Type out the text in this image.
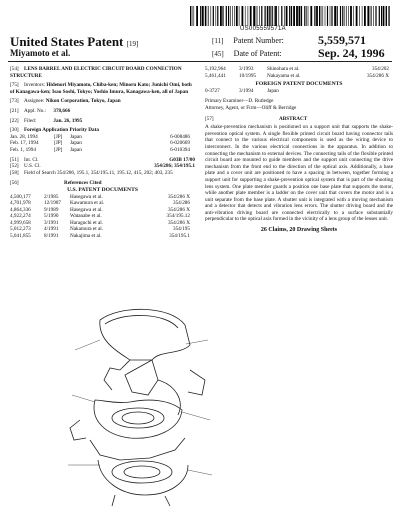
US005559571A
United States Patent [19]
Miyamoto et al.
[11] Patent Number:	5,559,571
[45] Date of Patent:	Sep. 24, 1996
[54] LENS BARREL AND ELECTRIC CIRCUIT BOARD CONNECTION STRUCTURE
[75] Inventors: Hidenori Miyamoto, Chiba-ken; Minoru Kato; Junichi Omi, both of Kanagawa-ken; Isao Soshi, Tokyo; Yoshio Imura, Kanagawa-ken, all of Japan
[73] Assignee: Nikon Corporation, Tokyo, Japan
[21] Appl. No.: 378,666
[22] Filed:	Jan. 26, 1995
[30] Foreign Application Priority Data
Jan. 28, 1994	[JP] Japan	6-008486
Feb. 17, 1994	[JP] Japan	6-020669
Feb. 1, 1994	[JP] Japan	6-010394
[51] Int. Cl.	G03B 17/00
[52] U.S. Cl.	354/286; 354/195.1
[58] Field of Search 354/286, 195.1, 354/195.11, 195.12, 415, 202; 403, 235
[56]	References Cited
U.S. PATENT DOCUMENTS
4,500,177	2/1985 Hasegawa et al.	354/286 X
4,701,978	12/1987 Kawamura et al.	354/286
4,864,336	9/1989 Hasegawa et al.	354/286 X
4,922,274	5/1990 Watanabe et al.	354/195.12
4,999,658	3/1991 Haraguchi et al.	354/286 X
5,012,273	4/1991 Nakamura et al.	354/195
5,041,855	8/1991 Nakajima et al.	354/195.1
5,192,964	3/1993	Shinohara et al.	354/202
5,461,441	10/1995 Nakayama et al.	354/286 X
FOREIGN PATENT DOCUMENTS
0-3727	3/1994	Japan
Primary Examiner—D. Rutledge
Attorney, Agent, or Firm—Oliff & Berridge
[57]	ABSTRACT
A shake-prevention mechanism is positioned on a support unit that supports the shake-prevention optical system. A single flexible printed circuit board having connector tails that connect to the various electrical components is used as the wiring device to interconnect. In the various electrical connections in the apparatus. In addition to connecting the mechanism to external devices. The connecting tails of the flexible printed circuit board are mounted to guide members and the support unit connecting the drive mechanism from the front end to the direction of the optical axis. Additionally, a base plate and a cover unit are positioned to have a spacing in between, together forming a support unit for supporting a shake-prevention optical system that is part of the shooting lens system. One plate member guards a position one base plate that supports the motor, while another plate member is a ladder on the cover unit that covers the motor and is a unit separate from the base plate. A shutter unit is integrated with a moving mechanism and a detector that detects and vibration lens errors. The shutter driving board and the anti-vibration driving board are connected electrically to a surface substantially perpendicular to the optical axis formed in the vicinity of a lens group of the lenses unit.
26 Claims, 20 Drawing Sheets
